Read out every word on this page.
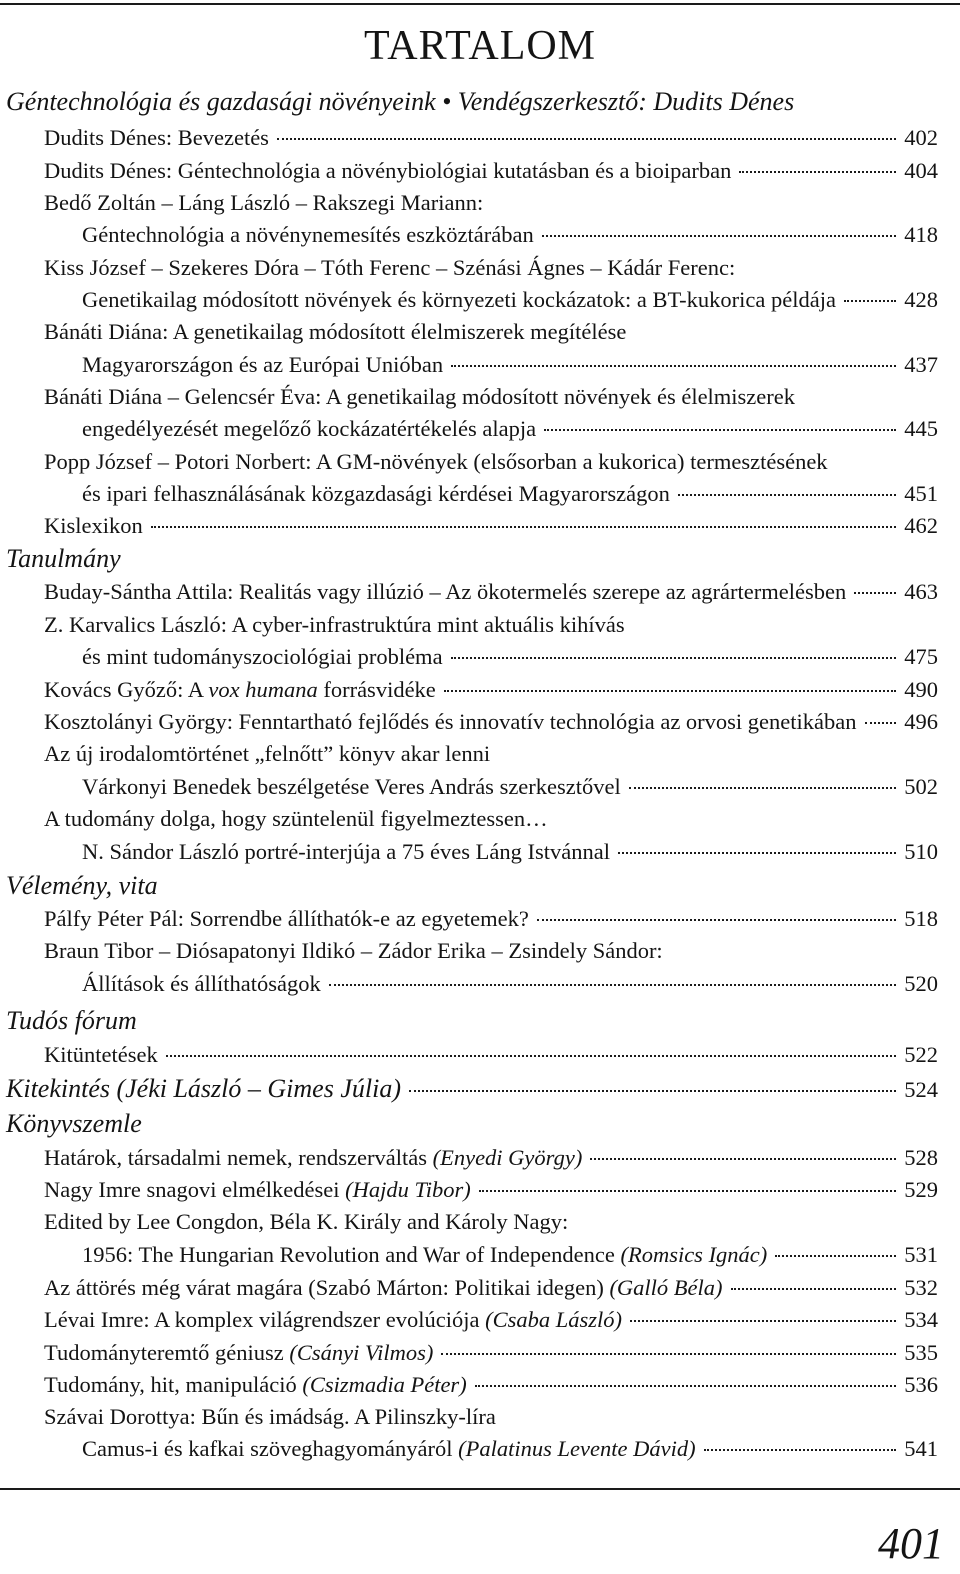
TARTALOM
Géntechnológia és gazdasági növényeink • Vendégszerkesztő: Dudits Dénes
Dudits Dénes: Bevezetés	402
Dudits Dénes: Géntechnológia a növénybiológiai kutatásban és a bioiparban	404
Bedő Zoltán – Láng László – Rakszegi Mariann:
Géntechnológia a növénynemesítés eszköztárában	418
Kiss József – Szekeres Dóra – Tóth Ferenc – Szénási Ágnes – Kádár Ferenc:
Genetikailag módosított növények és környezeti kockázatok: a BT-kukorica példája	428
Bánáti Diána: A genetikailag módosított élelmiszerek megítélése
Magyarországon és az Európai Unióban	437
Bánáti Diána – Gelencsér Éva: A genetikailag módosított növények és élelmiszerek
engedélyezését megelőző kockázatértékelés alapja	445
Popp József – Potori Norbert: A GM-növények (elsősorban a kukorica) termesztésének
és ipari felhasználásának közgazdasági kérdései Magyarországon	451
Kislexikon	462
Tanulmány
Buday-Sántha Attila: Realitás vagy illúzió – Az ökotermelés szerepe az agrártermelésben	463
Z. Karvalics László: A cyber-infrastruktúra mint aktuális kihívás
és mint tudományszociológiai probléma	475
Kovács Győző: A vox humana forrásvidéke	490
Kosztolányi György: Fenntartható fejlődés és innovatív technológia az orvosi genetikában 496
Az új irodalomtörténet „felnőtt” könyv akar lenni
Várkonyi Benedek beszélgetése Veres András szerkesztővel	502
A tudomány dolga, hogy szüntelenül figyelmeztessen…
N. Sándor László portré-interjúja a 75 éves Láng Istvánnal	510
Vélemény, vita
Pálfy Péter Pál: Sorrendbe állíthatók-e az egyetemek?	518
Braun Tibor – Diósapatonyi Ildikó – Zádor Erika – Zsindely Sándor:
Állítások és állíthatóságok	520
Tudós fórum
Kitüntetések	522
Kitekintés (Jéki László – Gimes Júlia)	524
Könyvszemle
Határok, társadalmi nemek, rendszerváltás (Enyedi György)	528
Nagy Imre snagovi elmélkedései (Hajdu Tibor)	529
Edited by Lee Congdon, Béla K. Király and Károly Nagy:
1956: The Hungarian Revolution and War of Independence (Romsics Ignác)	531
Az áttörés még várat magára (Szabó Márton: Politikai idegen) (Galló Béla)	532
Lévai Imre: A komplex világrendszer evolúciója (Csaba László)	534
Tudományteremtő géniusz (Csányi Vilmos)	535
Tudomány, hit, manipuláció (Csizmadia Péter)	536
Szávai Dorottya: Bűn és imádság. A Pilinszky-líra
Camus-i és kafkai szöveghagyományáról (Palatinus Levente Dávid)	541
401
